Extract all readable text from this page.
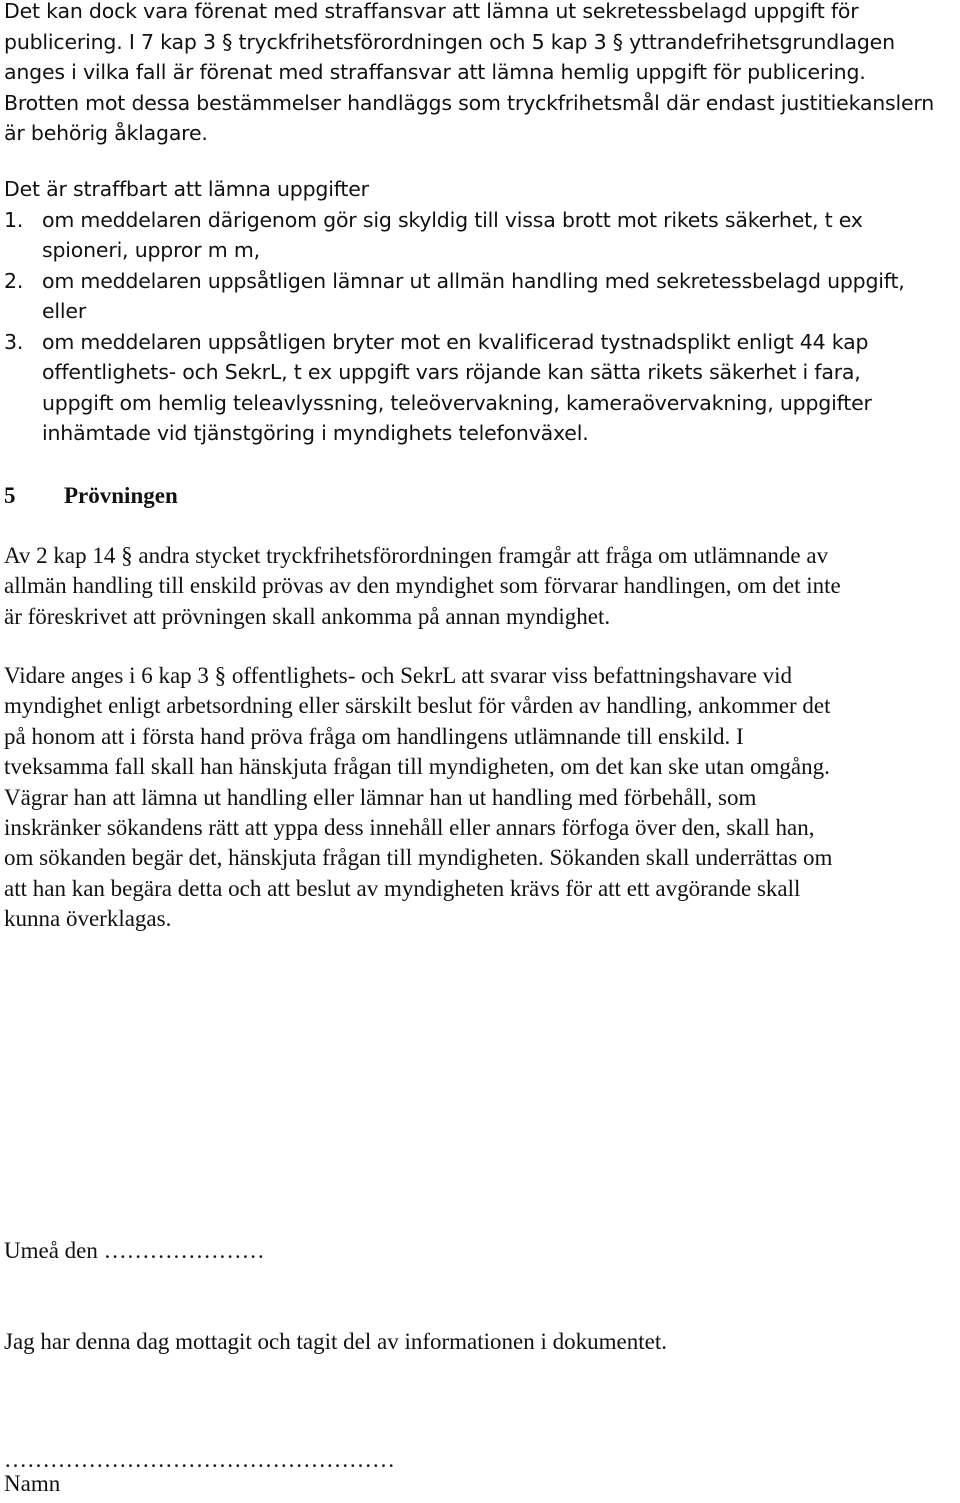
Det kan dock vara förenat med straffansvar att lämna ut sekretessbelagd uppgift för
publicering. I 7 kap 3 § tryckfrihetsförordningen och 5 kap 3 § yttrandefrihetsgrundlagen
anges i vilka fall är förenat med straffansvar att lämna hemlig uppgift för publicering.
Brotten mot dessa bestämmelser handläggs som tryckfrihetsmål där endast justitiekanslern
är behörig åklagare.
Det är straffbart att lämna uppgifter
1. om meddelaren därigenom gör sig skyldig till vissa brott mot rikets säkerhet, t ex
spioneri, uppror m m,
2. om meddelaren uppsåtligen lämnar ut allmän handling med sekretessbelagd uppgift,
eller
3. om meddelaren uppsåtligen bryter mot en kvalificerad tystnadsplikt enligt 44 kap
offentlighets- och SekrL, t ex uppgift vars röjande kan sätta rikets säkerhet i fara,
uppgift om hemlig teleavlyssning, teleövervakning, kameraövervakning, uppgifter
inhämtade vid tjänstgöring i myndighets telefonväxel.
5 Prövningen
Av 2 kap 14 § andra stycket tryckfrihetsförordningen framgår att fråga om utlämnande av
allmän handling till enskild prövas av den myndighet som förvarar handlingen, om det inte
är föreskrivet att prövningen skall ankomma på annan myndighet.
Vidare anges i 6 kap 3 § offentlighets- och SekrL att svarar viss befattningshavare vid
myndighet enligt arbetsordning eller särskilt beslut för vården av handling, ankommer det
på honom att i första hand pröva fråga om handlingens utlämnande till enskild. I
tveksamma fall skall han hänskjuta frågan till myndigheten, om det kan ske utan omgång.
Vägrar han att lämna ut handling eller lämnar han ut handling med förbehåll, som
inskränker sökandens rätt att yppa dess innehåll eller annars förfoga över den, skall han,
om sökanden begär det, hänskjuta frågan till myndigheten. Sökanden skall underrättas om
att han kan begära detta och att beslut av myndigheten krävs för att ett avgörande skall
kunna överklagas.
Umeå den …………………
Jag har denna dag mottagit och tagit del av informationen i dokumentet.
……………………………………………
Namn
